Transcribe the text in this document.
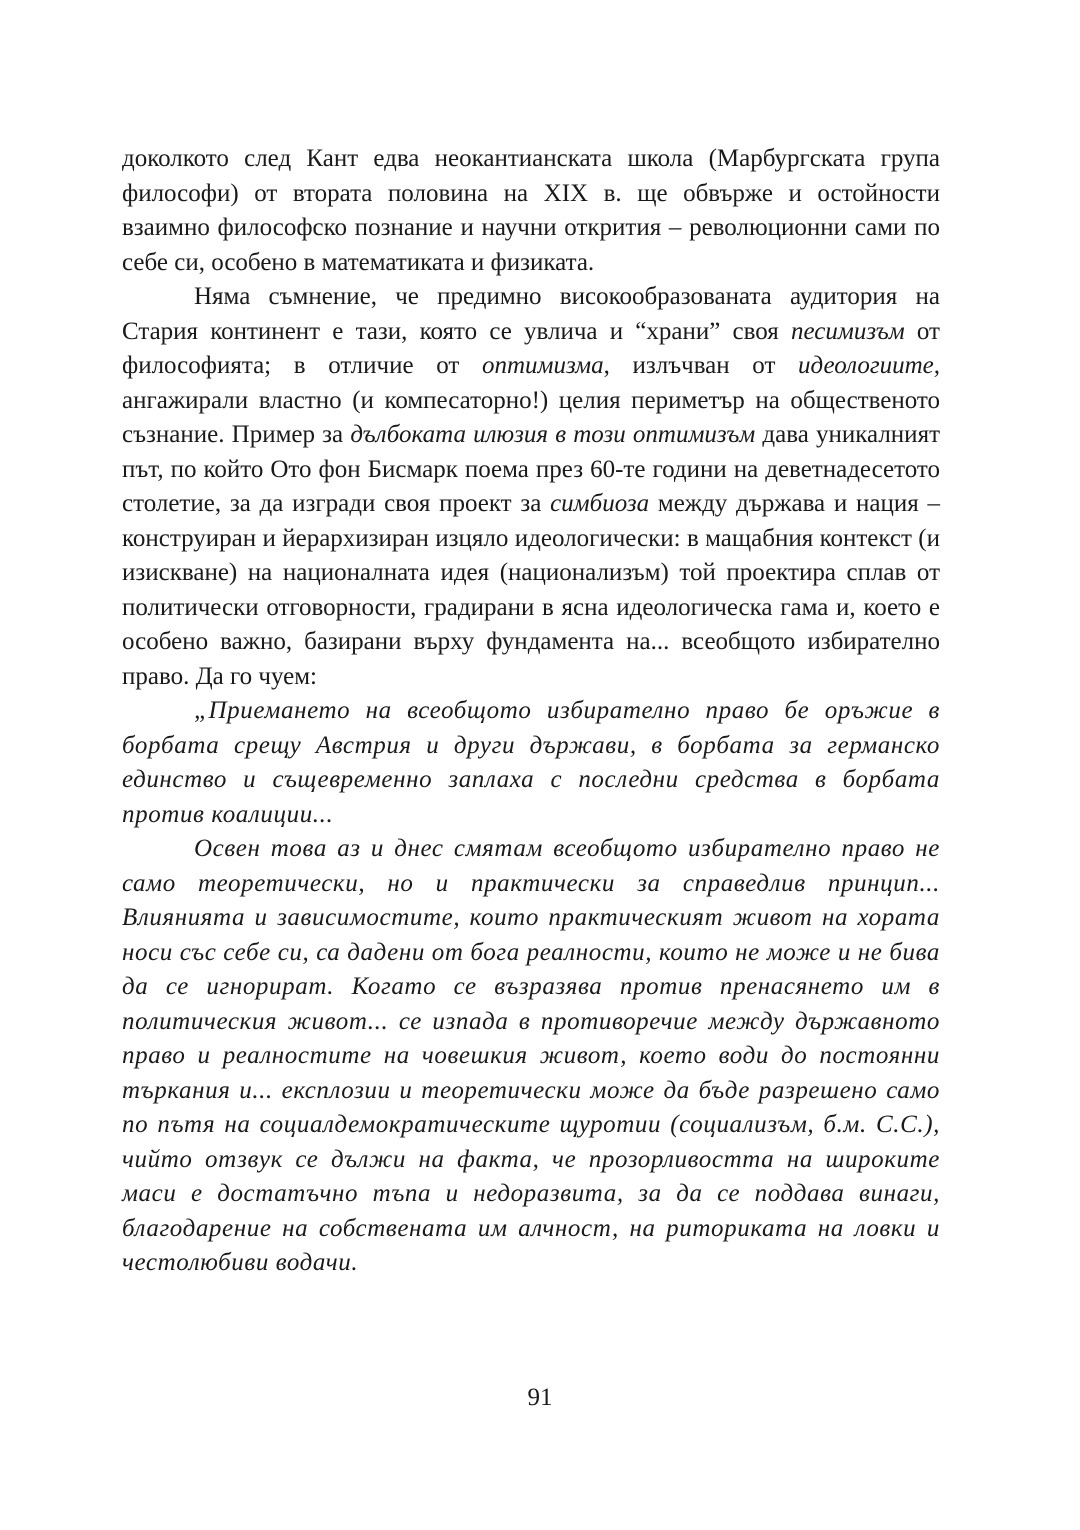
доколкото след Кант едва неокантианската школа (Марбургската група философи) от втората половина на XIX в. ще обвърже и остойности взаимно философско познание и научни открития – революционни сами по себе си, особено в математиката и физиката.

Няма съмнение, че предимно високообразованата аудитория на Стария континент е тази, която се увлича и “храни” своя песимизъм от философията; в отличие от оптимизма, излъчван от идеологиите, ангажирали властно (и компесаторно!) целия периметър на общественото съзнание. Пример за дълбоката илюзия в този оптимизъм дава уникалният път, по който Ото фон Бисмарк поема през 60-те години на деветнадесетото столетие, за да изгради своя проект за симбиоза между държава и нация – конструиран и йерархизиран изцяло идеологически: в мащабния контекст (и изискване) на националната идея (национализъм) той проектира сплав от политически отговорности, градирани в ясна идеологическа гама и, което е особено важно, базирани върху фундамента на... всеобщото избирателно право. Да го чуем:

„Приемането на всеобщото избирателно право бе оръжие в борбата срещу Австрия и други държави, в борбата за германско единство и същевременно заплаха с последни средства в борбата против коалиции...

Освен това аз и днес смятам всеобщото избирателно право не само теоретически, но и практически за справедлив принцип... Влиянията и зависимостите, които практическият живот на хората носи със себе си, са дадени от бога реалности, които не може и не бива да се игнорират. Когато се възразява против пренасянето им в политическия живот... се изпада в противоречие между държавното право и реалностите на човешкия живот, което води до постоянни търкания и... експлозии и теоретически може да бъде разрешено само по пътя на социалдемократическите щуротии (социализъм, б.м. С.С.), чийто отзвук се дължи на факта, че прозорливостта на широките маси е достатъчно тъпа и недоразвита, за да се поддава винаги, благодарение на собствената им алчност, на риториката на ловки и честолюбиви водачи.

91
